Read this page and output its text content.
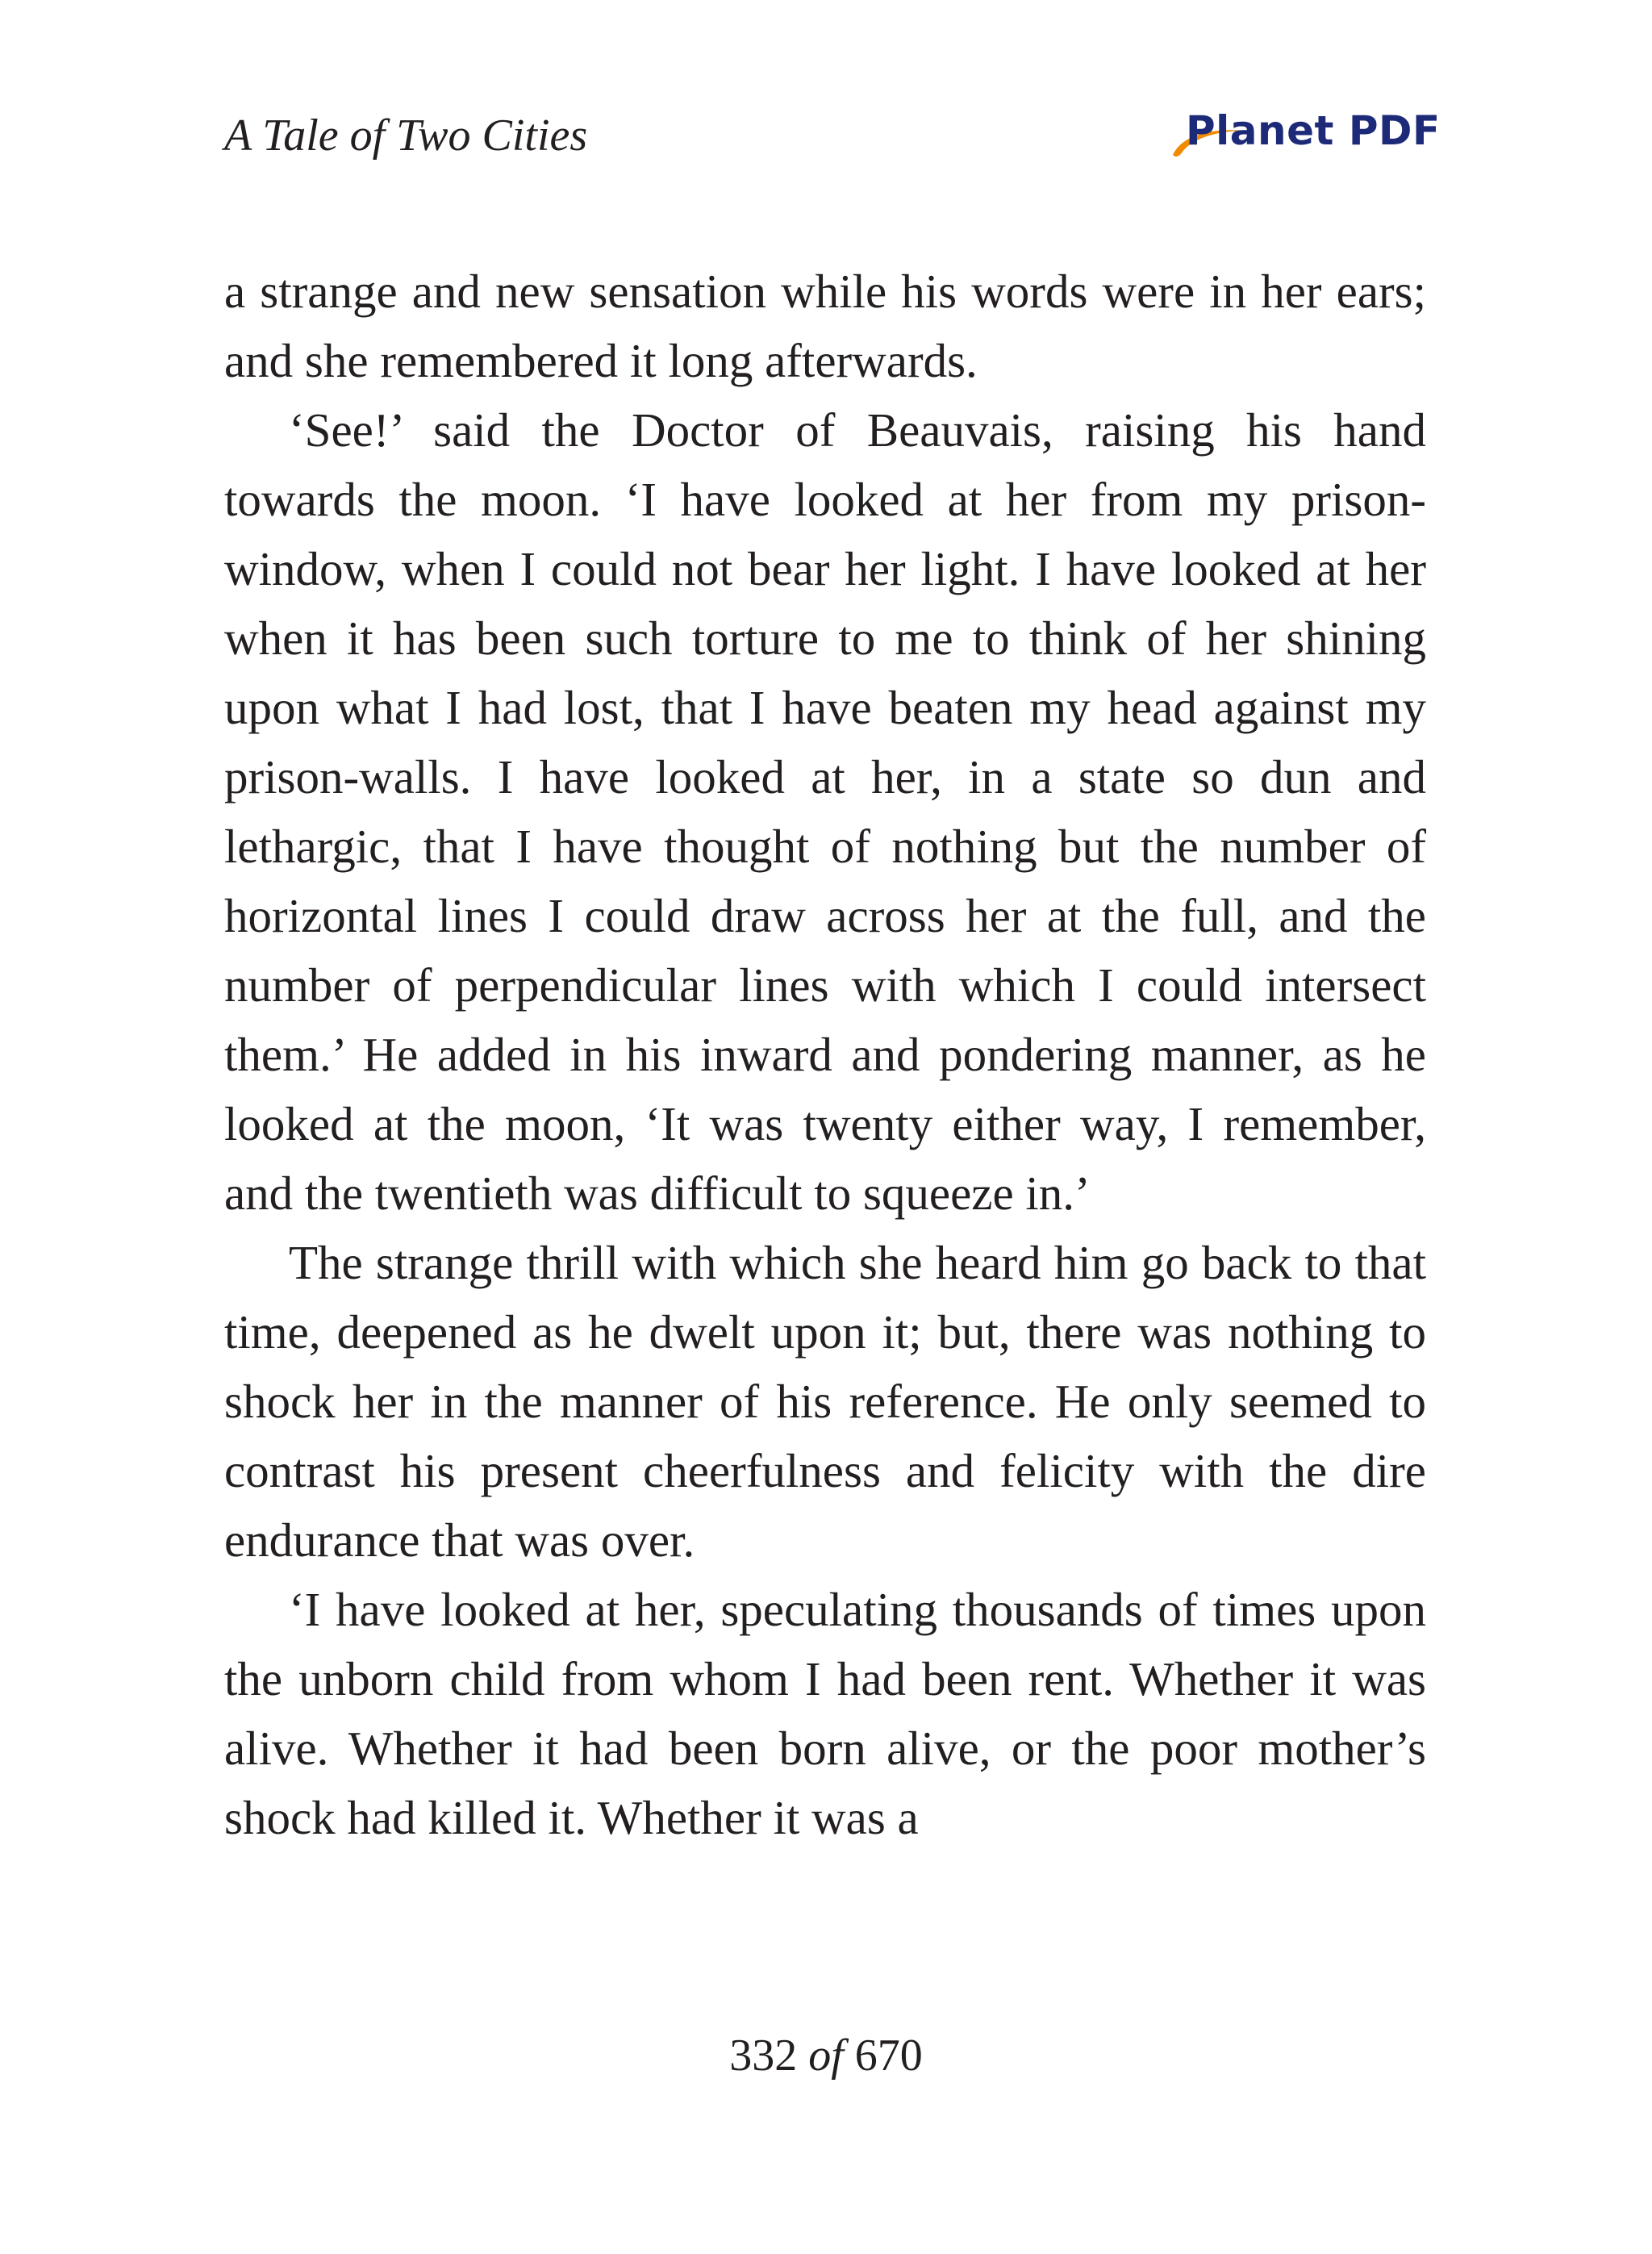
A Tale of Two Cities	Planet PDF

a strange and new sensation while his words were in her ears; and she remembered it long afterwards.

‘See!’ said the Doctor of Beauvais, raising his hand towards the moon. ‘I have looked at her from my prison-window, when I could not bear her light. I have looked at her when it has been such torture to me to think of her shining upon what I had lost, that I have beaten my head against my prison-walls. I have looked at her, in a state so dun and lethargic, that I have thought of nothing but the number of horizontal lines I could draw across her at the full, and the number of perpendicular lines with which I could intersect them.’ He added in his inward and pondering manner, as he looked at the moon, ‘It was twenty either way, I remember, and the twentieth was difficult to squeeze in.’

The strange thrill with which she heard him go back to that time, deepened as he dwelt upon it; but, there was nothing to shock her in the manner of his reference. He only seemed to contrast his present cheerfulness and felicity with the dire endurance that was over.

‘I have looked at her, speculating thousands of times upon the unborn child from whom I had been rent. Whether it was alive. Whether it had been born alive, or the poor mother’s shock had killed it. Whether it was a

332 of 670
